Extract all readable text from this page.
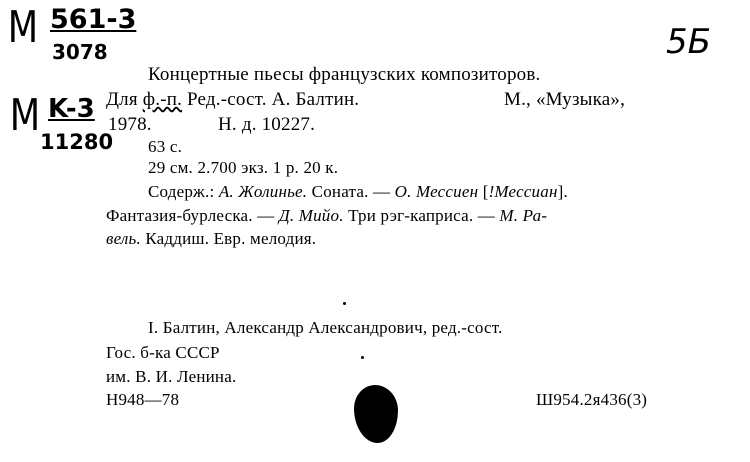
M 561-3
3078
M K-3
11280
5Б
Концертные пьесы французских композиторов.
Для ф.-п. Ред.-сост. А. Балтин.	М., «Музыка»,
1978.	Н. д. 10227.
63 с.
29 см. 2.700 экз. 1 р. 20 к.
Содерж.: А. Жолинье. Соната. — О. Мессиен [!Мессиан].
Фантазия-бурлеска. — Д. Мийо. Три рэг-каприса. — М. Ра-
вель. Каддиш. Евр. мелодия.
I. Балтин, Александр Александрович, ред.-сост.
Гос. б-ка СССР
им. В. И. Ленина.
Н948—78	Ш954.2я436(3)
